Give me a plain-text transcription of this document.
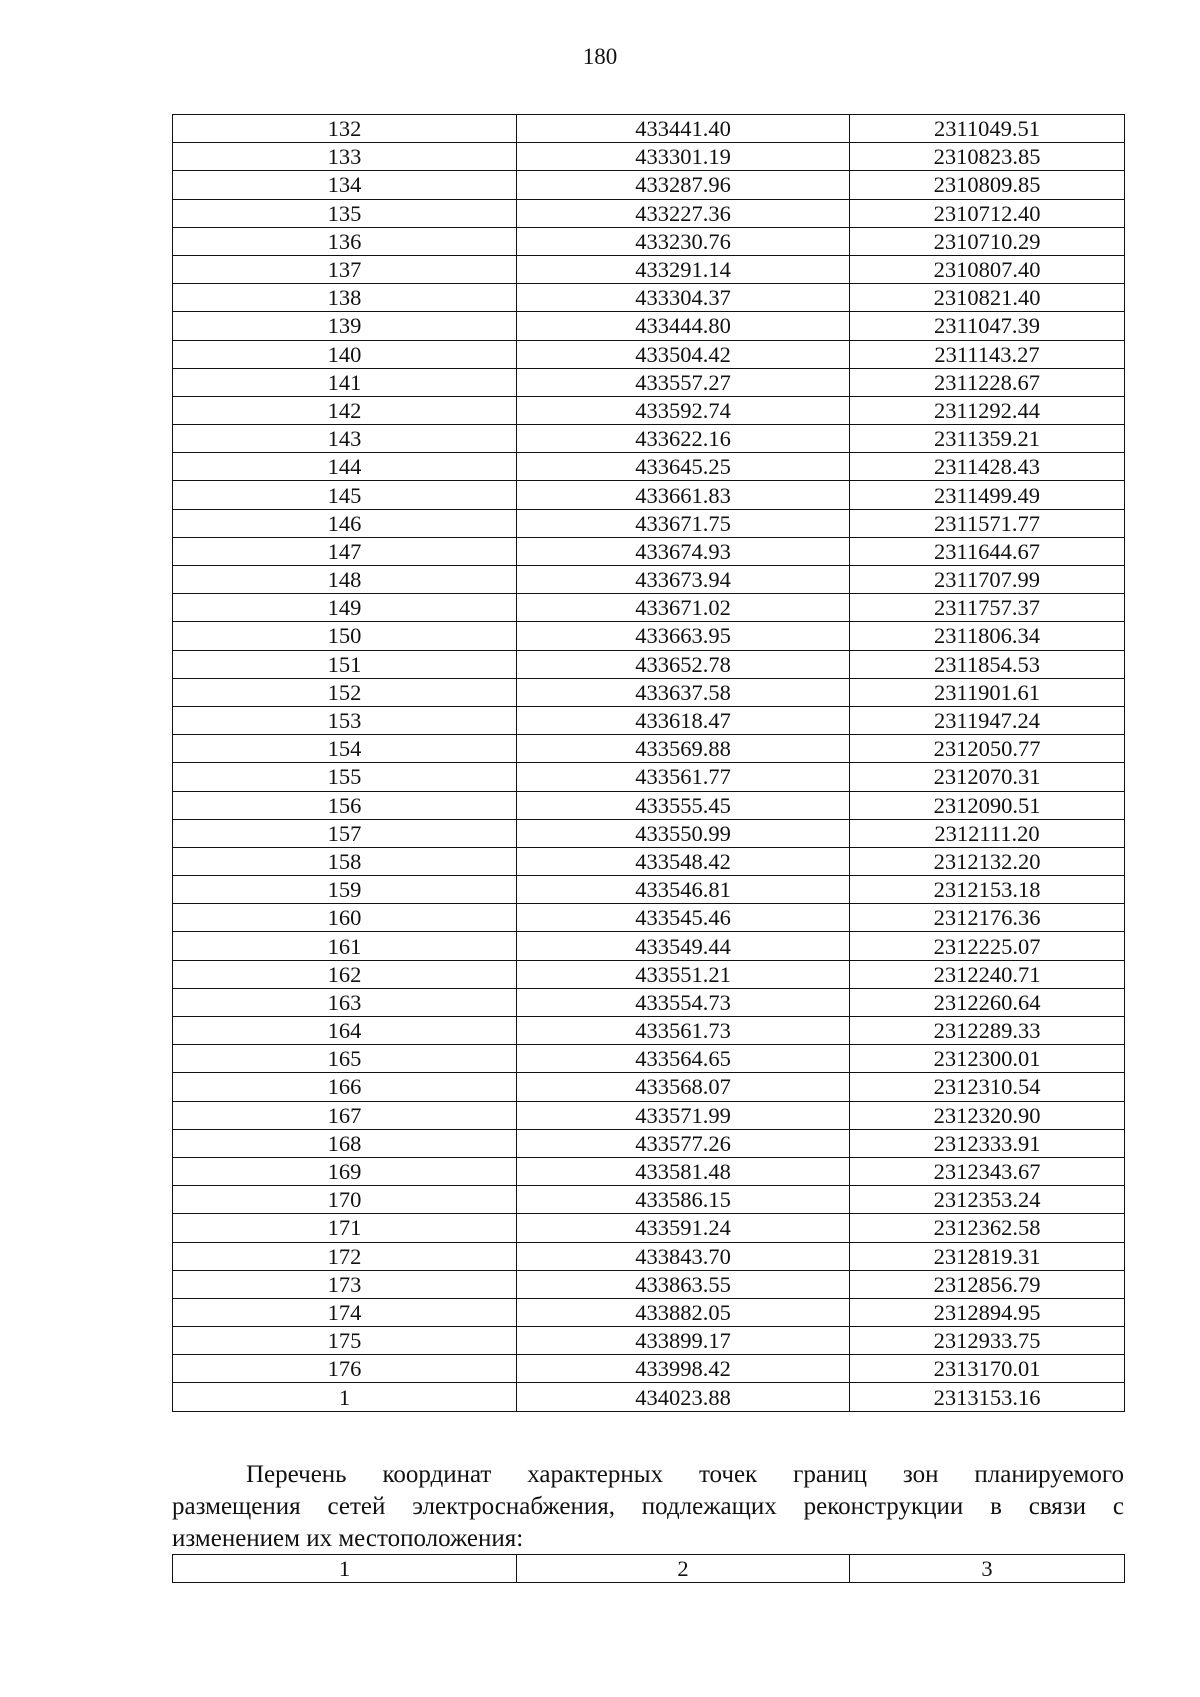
180
132	433441.40	2311049.51
133	433301.19	2310823.85
134	433287.96	2310809.85
135	433227.36	2310712.40
136	433230.76	2310710.29
137	433291.14	2310807.40
138	433304.37	2310821.40
139	433444.80	2311047.39
140	433504.42	2311143.27
141	433557.27	2311228.67
142	433592.74	2311292.44
143	433622.16	2311359.21
144	433645.25	2311428.43
145	433661.83	2311499.49
146	433671.75	2311571.77
147	433674.93	2311644.67
148	433673.94	2311707.99
149	433671.02	2311757.37
150	433663.95	2311806.34
151	433652.78	2311854.53
152	433637.58	2311901.61
153	433618.47	2311947.24
154	433569.88	2312050.77
155	433561.77	2312070.31
156	433555.45	2312090.51
157	433550.99	2312111.20
158	433548.42	2312132.20
159	433546.81	2312153.18
160	433545.46	2312176.36
161	433549.44	2312225.07
162	433551.21	2312240.71
163	433554.73	2312260.64
164	433561.73	2312289.33
165	433564.65	2312300.01
166	433568.07	2312310.54
167	433571.99	2312320.90
168	433577.26	2312333.91
169	433581.48	2312343.67
170	433586.15	2312353.24
171	433591.24	2312362.58
172	433843.70	2312819.31
173	433863.55	2312856.79
174	433882.05	2312894.95
175	433899.17	2312933.75
176	433998.42	2313170.01
1	434023.88	2313153.16
Перечень координат характерных точек границ зон планируемого
размещения сетей электроснабжения, подлежащих реконструкции в связи с
изменением их местоположения:
1	2	3
